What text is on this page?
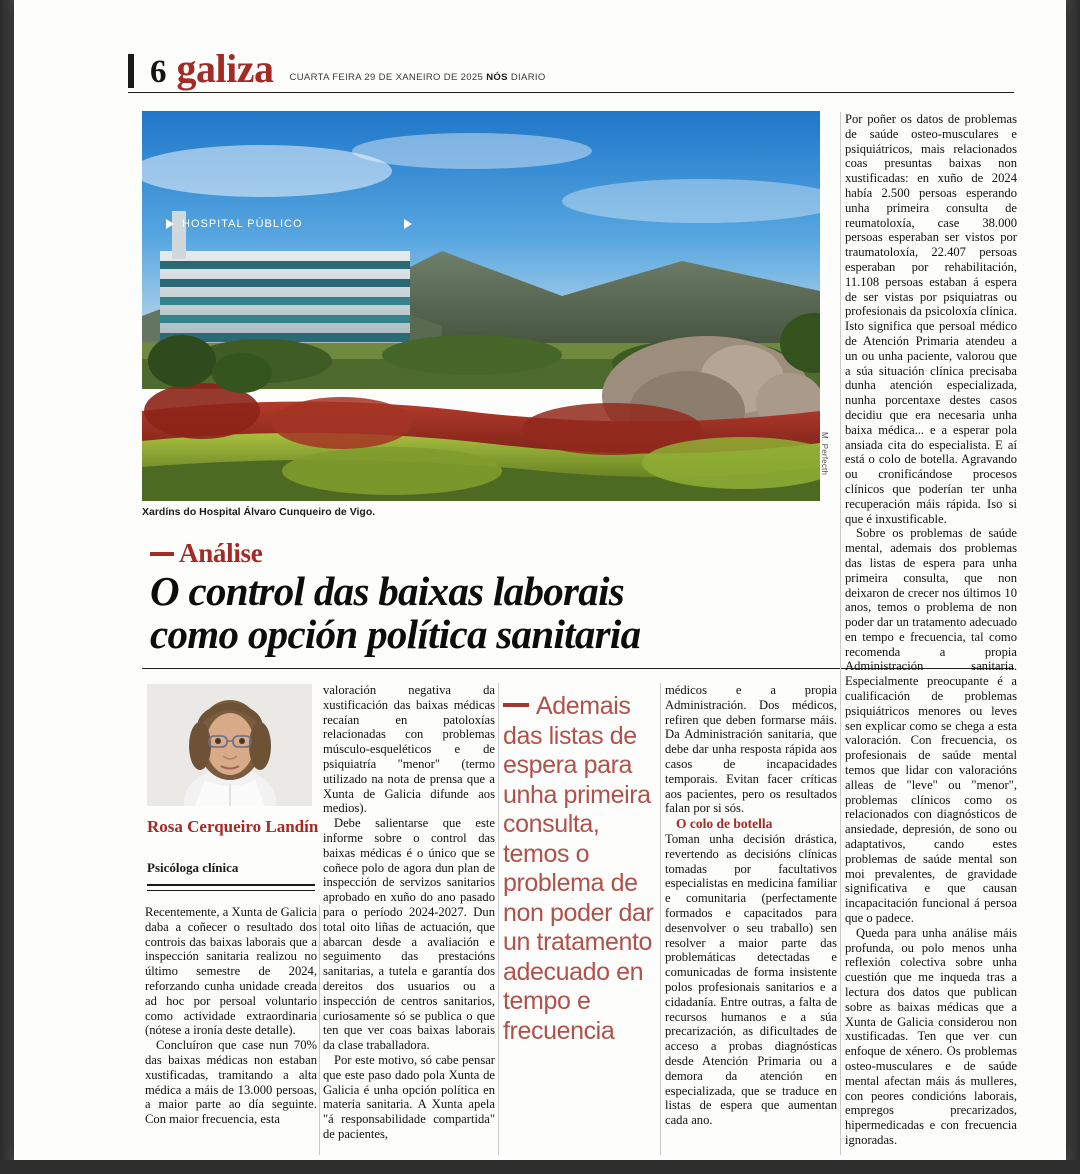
6 galiza CUARTA FEIRA 29 DE XANEIRO DE 2025 NÓS DIARIO
HOSPITAL PÚBLICO
M. Perfecth
Xardíns do Hospital Álvaro Cunqueiro de Vigo.
Análise
O control das baixas laborais
como opción política sanitaria
Rosa Cerqueiro Landín
Psicóloga clínica

Recentemente, a Xunta de Galicia daba a coñecer o resultado dos controis das baixas laborais que a inspección sanitaria realizou no último semestre de 2024, reforzando cunha unidade creada ad hoc por persoal voluntario como actividade extraordinaria (nótese a ironía deste detalle).

Concluíron que case nun 70% das baixas médicas non estaban xustificadas, tramitando a alta médica a máis de 13.000 persoas, a maior parte ao día seguinte. Con maior frecuencia, esta

valoración negativa da xustificación das baixas médicas recaían en patoloxías relacionadas con problemas músculo-esqueléticos e de psiquiatría "menor" (termo utilizado na nota de prensa que a Xunta de Galicia difunde aos medios).

Debe salientarse que este informe sobre o control das baixas médicas é o único que se coñece polo de agora dun plan de inspección de servizos sanitarios aprobado en xuño do ano pasado para o período 2024-2027. Dun total oito liñas de actuación, que abarcan desde a avaliación e seguimento das prestacións sanitarias, a tutela e garantía dos dereitos dos usuarios ou a inspección de centros sanitarios, curiosamente só se publica o que ten que ver coas baixas laborais da clase traballadora.

Por este motivo, só cabe pensar que este paso dado pola Xunta de Galicia é unha opción política en materia sanitaria. A Xunta apela "á responsabilidade compartida" de pacientes,

Ademais das listas de espera para unha primeira consulta, temos o problema de non poder dar un tratamento adecuado en tempo e frecuencia

médicos e a propia Administración. Dos médicos, refiren que deben formarse máis. Da Administración sanitaria, que debe dar unha resposta rápida aos casos de incapacidades temporais. Evitan facer críticas aos pacientes, pero os resultados falan por si sós.

O colo de botella

Toman unha decisión drástica, revertendo as decisións clínicas tomadas por facultativos especialistas en medicina familiar e comunitaria (perfectamente formados e capacitados para desenvolver o seu traballo) sen resolver a maior parte das problemáticas detectadas e comunicadas de forma insistente polos profesionais sanitarios e a cidadanía. Entre outras, a falta de recursos humanos e a súa precarización, as dificultades de acceso a probas diagnósticas desde Atención Primaria ou a demora da atención en especializada, que se traduce en listas de espera que aumentan cada ano.

Por poñer os datos de problemas de saúde osteo-musculares e psiquiátricos, mais relacionados coas presuntas baixas non xustificadas: en xuño de 2024 había 2.500 persoas esperando unha primeira consulta de reumatoloxía, case 38.000 persoas esperaban ser vistos por traumatoloxía, 22.407 persoas esperaban por rehabilitación, 11.108 persoas estaban á espera de ser vistas por psiquiatras ou profesionais da psicoloxía clínica. Isto significa que persoal médico de Atención Primaria atendeu a un ou unha paciente, valorou que a súa situación clínica precisaba dunha atención especializada, nunha porcentaxe destes casos decidiu que era necesaria unha baixa médica... e a esperar pola ansiada cita do especialista. E aí está o colo de botella. Agravando ou cronificándose procesos clínicos que poderían ter unha recuperación máis rápida. Iso si que é inxustificable.

Sobre os problemas de saúde mental, ademais dos problemas das listas de espera para unha primeira consulta, que non deixaron de crecer nos últimos 10 anos, temos o problema de non poder dar un tratamento adecuado en tempo e frecuencia, tal como recomenda a propia Administración sanitaria. Especialmente preocupante é a cualificación de problemas psiquiátricos menores ou leves sen explicar como se chega a esta valoración. Con frecuencia, os profesionais de saúde mental temos que lidar con valoracións alleas de "leve" ou "menor", problemas clínicos como os relacionados con diagnósticos de ansiedade, depresión, de sono ou adaptativos, cando estes problemas de saúde mental son moi prevalentes, de gravidade significativa e que causan incapacitación funcional á persoa que o padece.

Queda para unha análise máis profunda, ou polo menos unha reflexión colectiva sobre unha cuestión que me inqueda tras a lectura dos datos que publican sobre as baixas médicas que a Xunta de Galicia considerou non xustificadas. Ten que ver cun enfoque de xénero. Os problemas osteo-musculares e de saúde mental afectan máis ás mulleres, con peores condicións laborais, empregos precarizados, hipermedicadas e con frecuencia ignoradas.
